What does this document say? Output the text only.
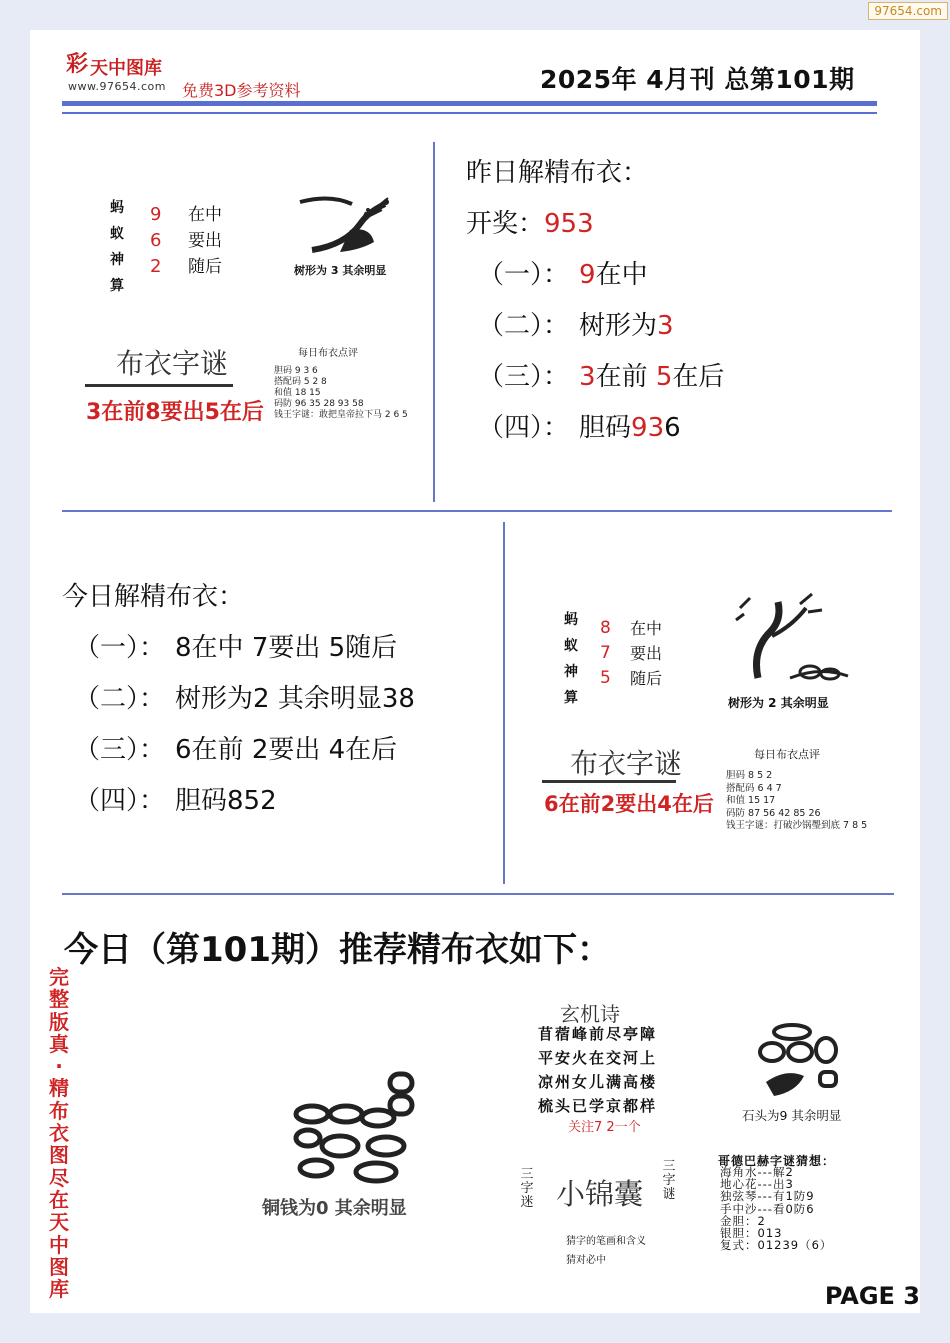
97654.com
彩 天中图库
www.97654.com 免费3D参考资料	2025年 4月刊 总第101期
蚂
蚁
神
算
9
6
2
在中
要出
随后	树形为 3 其余明显
布衣字谜
3在前8要出5在后
每日布衣点评
胆码 9 3 6
搭配码 5 2 8
和值 18 15
码防 96 35 28 93 58
钱王字谜：敢把皇帝拉下马 2 6 5
昨日解精布衣：
开奖：953
（一）： 9在中
（二）： 树形为3
（三）： 3在前 5在后
（四）： 胆码936
今日解精布衣：
（一）： 8在中 7要出 5随后
（二）： 树形为2 其余明显38
（三）： 6在前 2要出 4在后
（四）： 胆码852
蚂
蚁
神
算
8
7
5
在中
要出
随后
树形为 2 其余明显
布衣字谜
6在前2要出4在后
每日布衣点评
胆码 8 5 2
搭配码 6 4 7
和值 15 17
码防 87 56 42 85 26
钱王字谜：打破沙锅璺到底 7 8 5
今日（第101期）推荐精布衣如下：
完
整
版
真
·
精
布
衣
图
尽
在
天
中
图
库
铜钱为0 其余明显
玄机诗
苜蓿峰前尽亭障
平安火在交河上
凉州女儿满高楼
梳头已学京都样
关注7 2一个
石头为9 其余明显
三字迷
三字谜
小锦囊
猜字的笔画和含义
猜对必中
哥德巴赫字谜猜想：
海角水---解2
地心花---出3
独弦琴---有1防9
手中沙---看0防6
金胆：2
银胆：013
复式：01239（6）
PAGE 3
